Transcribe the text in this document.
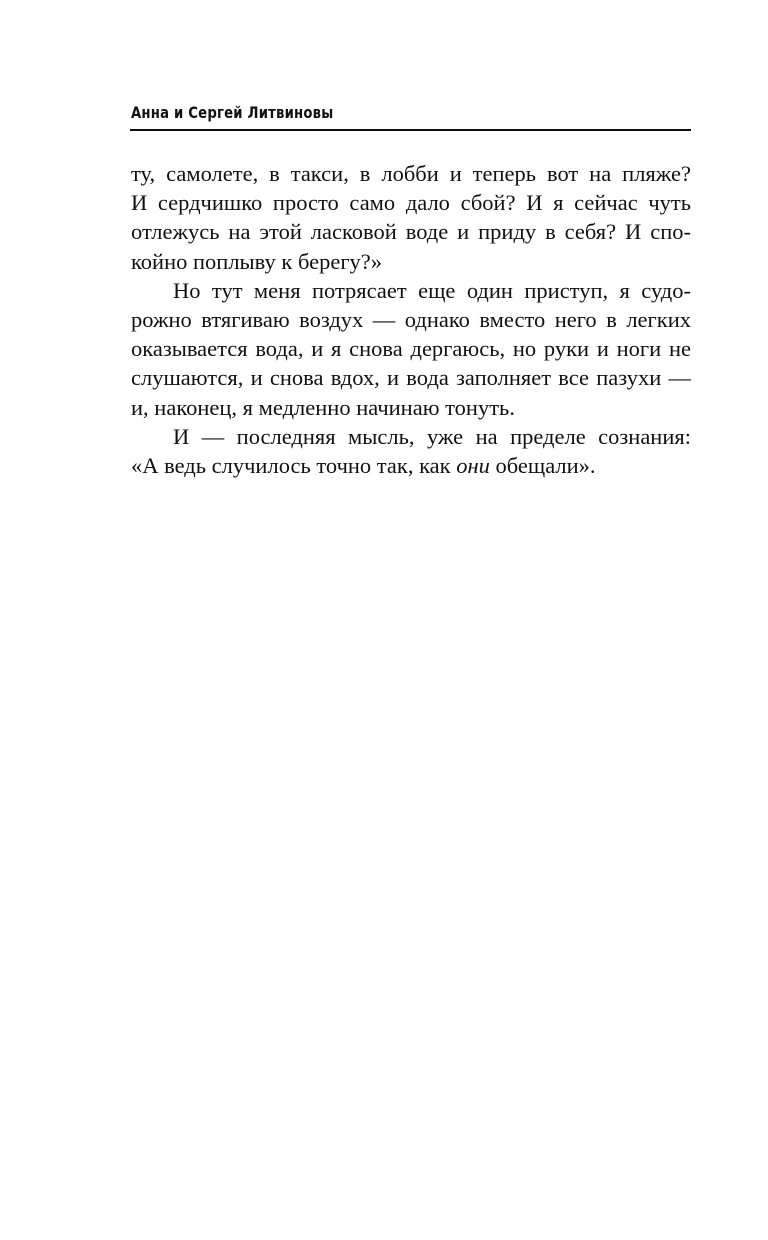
Анна и Сергей Литвиновы
ту, самолете, в такси, в лобби и теперь вот на пляже?
И сердчишко просто само дало сбой? И я сейчас чуть
отлежусь на этой ласковой воде и приду в себя? И спо-
койно поплыву к берегу?»
Но тут меня потрясает еще один приступ, я судо-
рожно втягиваю воздух — однако вместо него в легких
оказывается вода, и я снова дергаюсь, но руки и ноги не
слушаются, и снова вдох, и вода заполняет все пазухи —
и, наконец, я медленно начинаю тонуть.
И — последняя мысль, уже на пределе сознания:
«А ведь случилось точно так, как они обещали».
